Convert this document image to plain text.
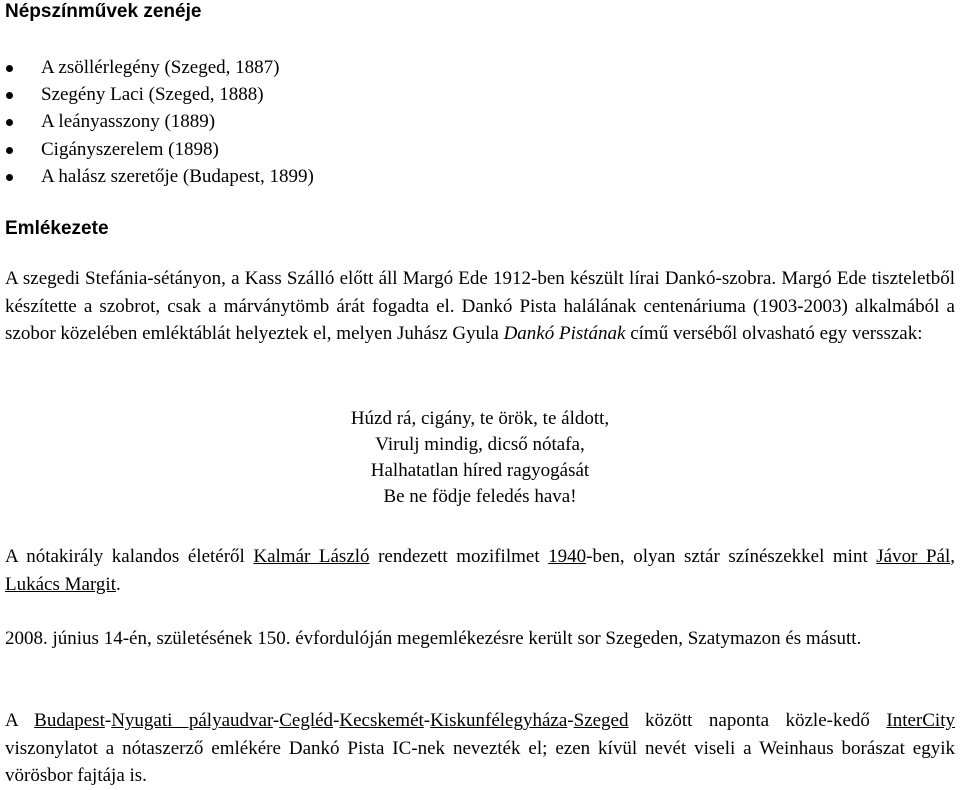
Népszínművek zenéje
A zsöllérlegény (Szeged, 1887)
Szegény Laci (Szeged, 1888)
A leányasszony (1889)
Cigányszerelem (1898)
A halász szeretője (Budapest, 1899)
Emlékezete

A szegedi Stefánia-sétányon, a Kass Szálló előtt áll Margó Ede 1912-ben készült lírai Dankó-szobra. Margó Ede tiszteletből készítette a szobrot, csak a márványtömb árát fogadta el. Dankó Pista halálának centenáriuma (1903-2003) alkalmából a szobor közelében emléktáblát helyeztek el, melyen Juhász Gyula Dankó Pistának című verséből olvasható egy versszak:

Húzd rá, cigány, te örök, te áldott,
Virulj mindig, dicső nótafa,
Halhatatlan híred ragyogását
Be ne födje feledés hava!

A nótakirály kalandos életéről Kalmár László rendezett mozifilmet 1940-ben, olyan sztár színészekkel mint Jávor Pál, Lukács Margit.

2008. június 14-én, születésének 150. évfordulóján megemlékezésre került sor Szegeden, Szatymazon és másutt.

A Budapest-Nyugati pályaudvar-Cegléd-Kecskemét-Kiskunfélegyháza-Szeged között naponta közle-kedő InterCity viszonylatot a nótaszerző emlékére Dankó Pista IC-nek nevezték el; ezen kívül nevét viseli a Weinhaus borászat egyik vörösbor fajtája is.
